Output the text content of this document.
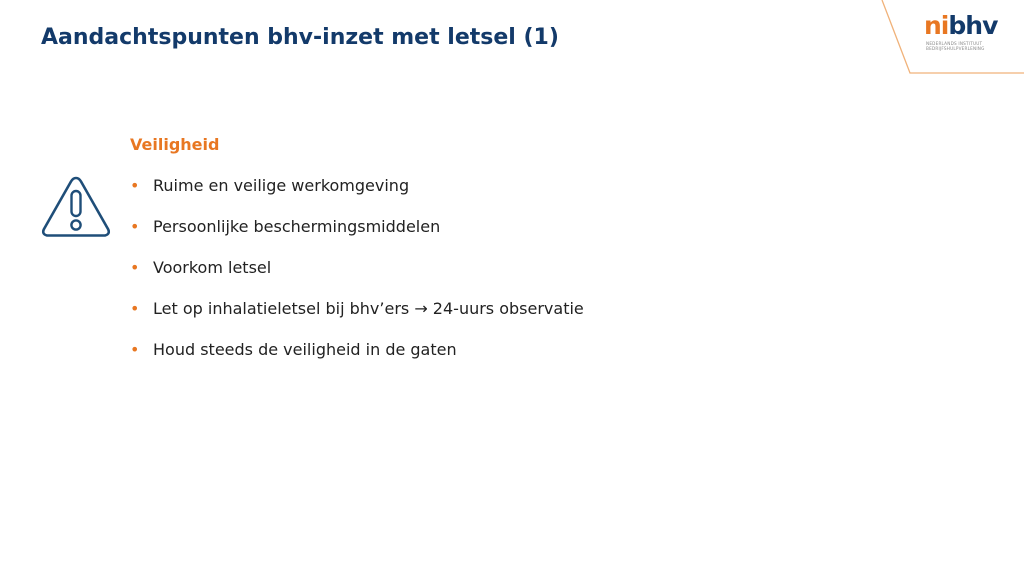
Aandachtspunten bhv-inzet met letsel (1)	nibhv
NEDERLANDS INSTITUUT
BEDRIJFSHULPVERLENING
Veiligheid
• Ruime en veilige werkomgeving
• Persoonlijke beschermingsmiddelen
• Voorkom letsel
• Let op inhalatieletsel bij bhv’ers → 24-uurs observatie
• Houd steeds de veiligheid in de gaten
